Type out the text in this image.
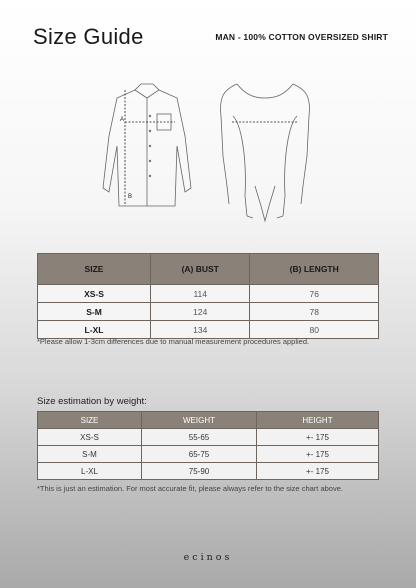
Size Guide	MAN - 100% COTTON OVERSIZED SHIRT
A
B
SIZE	(A) BUST	(B) LENGTH
XS-S	114	76
S-M	124	78
L-XL	134	80
*Please allow 1-3cm differences due to manual measurement procedures applied.
Size estimation by weight:
SIZE	WEIGHT	HEIGHT
XS-S	55-65	+- 175
S-M	65-75	+- 175
L-XL	75-90	+- 175
*This is just an estimation. For most accurate fit, please always refer to the size chart above.
ecinos
